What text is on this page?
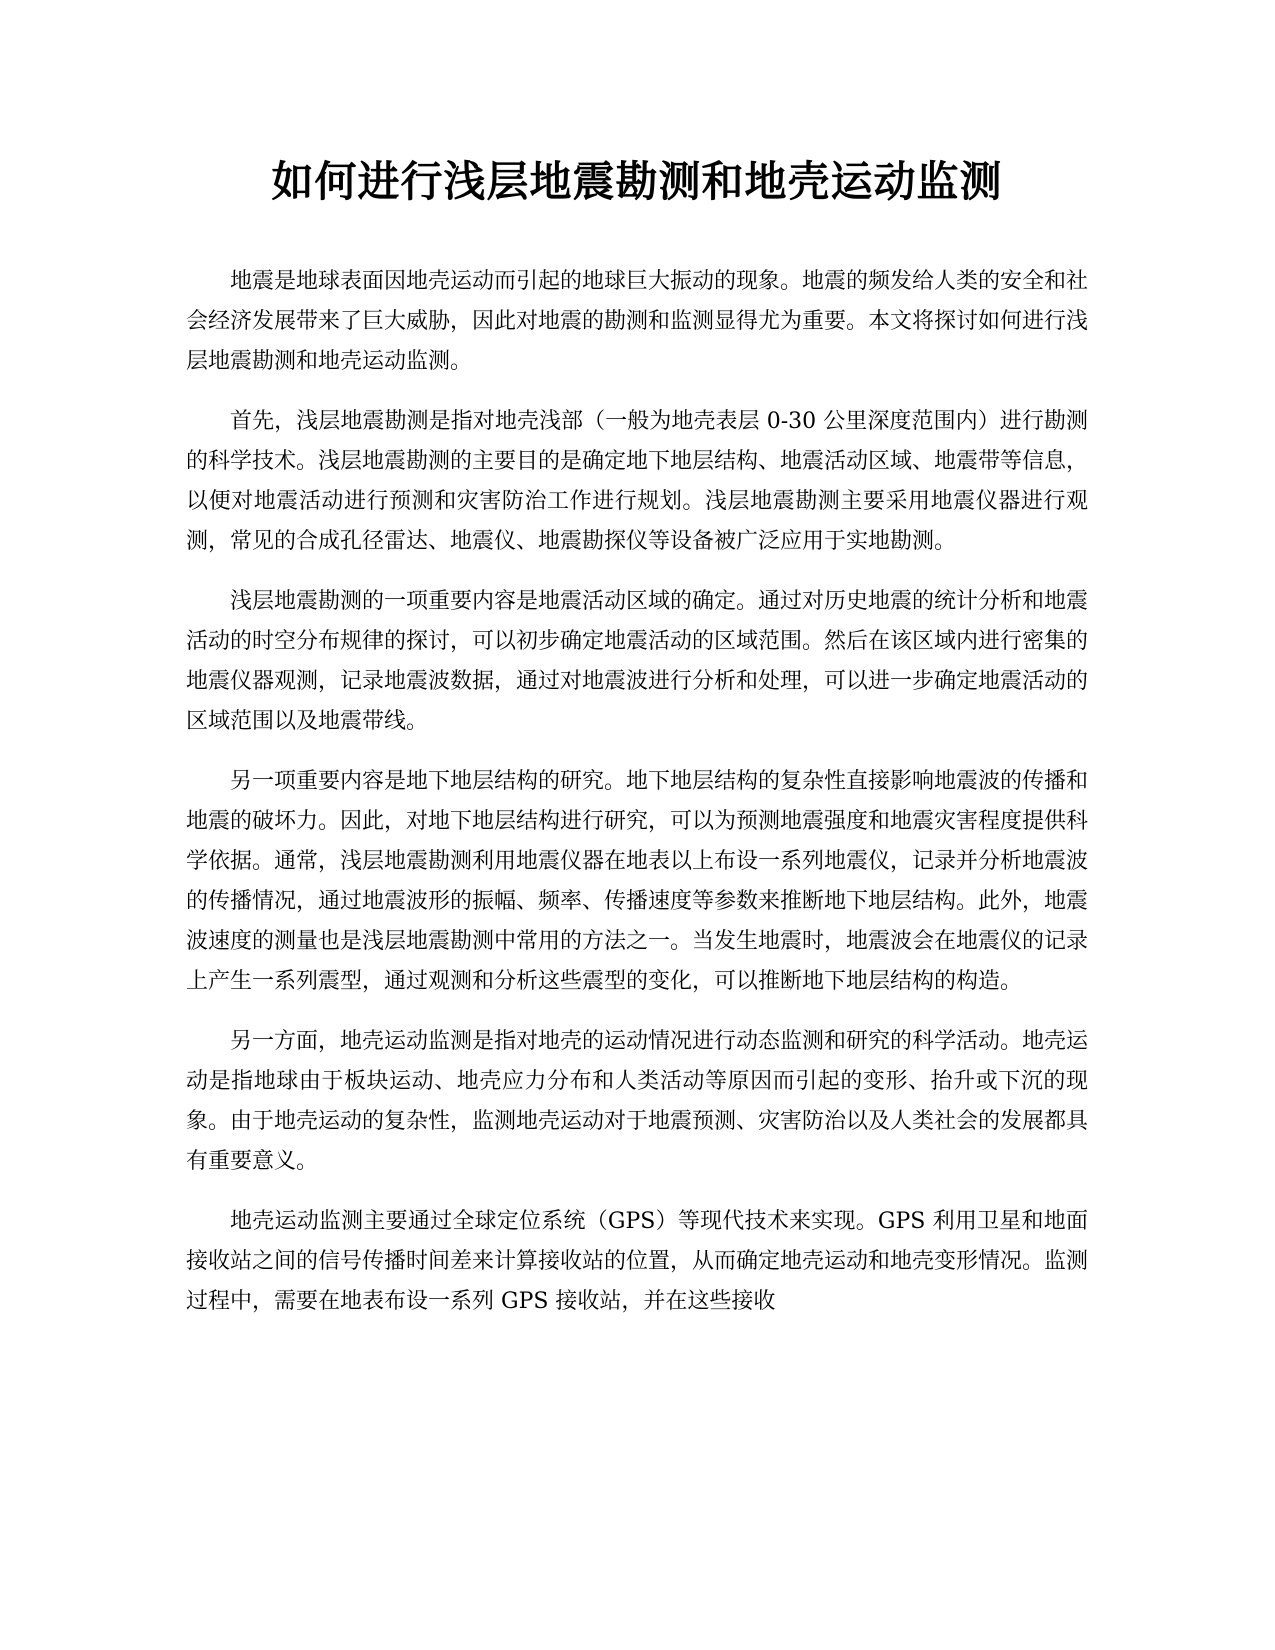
如何进行浅层地震勘测和地壳运动监测

地震是地球表面因地壳运动而引起的地球巨大振动的现象。地震的频发给人类的安全和社会经济发展带来了巨大威胁，因此对地震的勘测和监测显得尤为重要。本文将探讨如何进行浅层地震勘测和地壳运动监测。

首先，浅层地震勘测是指对地壳浅部（一般为地壳表层 0-30 公里深度范围内）进行勘测的科学技术。浅层地震勘测的主要目的是确定地下地层结构、地震活动区域、地震带等信息，以便对地震活动进行预测和灾害防治工作进行规划。浅层地震勘测主要采用地震仪器进行观测，常见的合成孔径雷达、地震仪、地震勘探仪等设备被广泛应用于实地勘测。

浅层地震勘测的一项重要内容是地震活动区域的确定。通过对历史地震的统计分析和地震活动的时空分布规律的探讨，可以初步确定地震活动的区域范围。然后在该区域内进行密集的地震仪器观测，记录地震波数据，通过对地震波进行分析和处理，可以进一步确定地震活动的区域范围以及地震带线。

另一项重要内容是地下地层结构的研究。地下地层结构的复杂性直接影响地震波的传播和地震的破坏力。因此，对地下地层结构进行研究，可以为预测地震强度和地震灾害程度提供科学依据。通常，浅层地震勘测利用地震仪器在地表以上布设一系列地震仪，记录并分析地震波的传播情况，通过地震波形的振幅、频率、传播速度等参数来推断地下地层结构。此外，地震波速度的测量也是浅层地震勘测中常用的方法之一。当发生地震时，地震波会在地震仪的记录上产生一系列震型，通过观测和分析这些震型的变化，可以推断地下地层结构的构造。

另一方面，地壳运动监测是指对地壳的运动情况进行动态监测和研究的科学活动。地壳运动是指地球由于板块运动、地壳应力分布和人类活动等原因而引起的变形、抬升或下沉的现象。由于地壳运动的复杂性，监测地壳运动对于地震预测、灾害防治以及人类社会的发展都具有重要意义。

地壳运动监测主要通过全球定位系统（GPS）等现代技术来实现。GPS 利用卫星和地面接收站之间的信号传播时间差来计算接收站的位置，从而确定地壳运动和地壳变形情况。监测过程中，需要在地表布设一系列 GPS 接收站，并在这些接收
